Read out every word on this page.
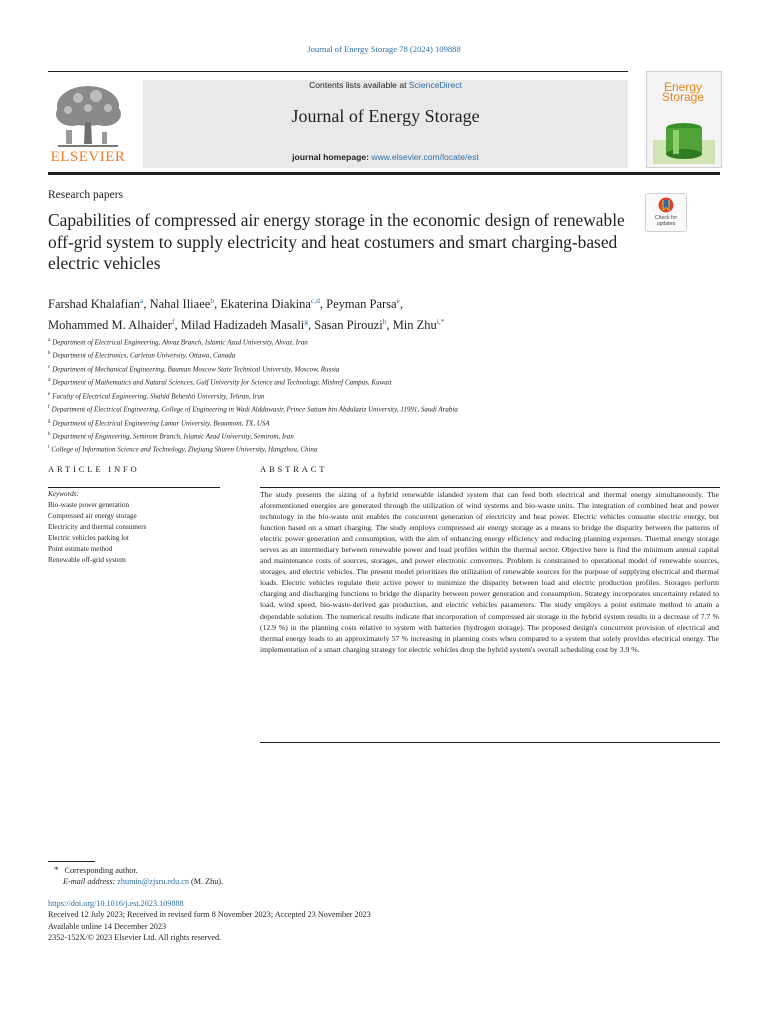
Journal of Energy Storage 78 (2024) 109888
ELSEVIER
Contents lists available at ScienceDirect
Journal of Energy Storage
journal homepage: www.elsevier.com/locate/est
Energy
Storage
Research papers
Capabilities of compressed air energy storage in the economic design of renewable off-grid system to supply electricity and heat costumers and smart charging-based electric vehicles
Check for updates
Farshad Khalafian$^a$, Nahal Iliaee$^b$, Ekaterina Diakina$^{c,d}$, Peyman Parsa$^e$,
Mohammed M. Alhaider$^f$, Milad Hadizadeh Masali$^g$, Sasan Pirouzi$^h$, Min Zhu$^{i,*}$
$^a$ Department of Electrical Engineering, Ahvaz Branch, Islamic Azad University, Ahvaz, Iran
$^b$ Department of Electronics, Carleton University, Ottawa, Canada
$^c$ Department of Mechanical Engineering, Bauman Moscow State Technical University, Moscow, Russia
$^d$ Department of Mathematics and Natural Sciences, Gulf University for Science and Technology, Mishref Campus, Kuwait
$^e$ Faculty of Electrical Engineering, Shahid Beheshti University, Tehran, Iran
$^f$ Department of Electrical Engineering, College of Engineering in Wadi Alddawasir, Prince Sattam bin Abdulaziz University, 11991, Saudi Arabia
$^g$ Department of Electrical Engineering Lamar University, Beaumont, TX, USA
$^h$ Department of Engineering, Semirom Branch, Islamic Azad University, Semirom, Iran
$^i$ College of Information Science and Technology, Zhejiang Shuren University, Hangzhou, China
ARTICLE INFO	ABSTRACT
Keywords:
Bio-waste power generation
Compressed air energy storage
Electricity and thermal consumers
Electric vehicles parking lot
Point estimate method
Renewable off-grid system
The study presents the sizing of a hybrid renewable islanded system that can feed both electrical and thermal energy simultaneously. The aforementioned energies are generated through the utilization of wind systems and bio-waste units. The integration of combined heat and power technology in the bio-waste unit enables the concurrent generation of electricity and heat power. Electric vehicles consume electric energy, but function based on a smart charging. The study employs compressed air energy storage as a means to bridge the disparity between the patterns of electric power generation and consumption, with the aim of enhancing energy efficiency and reducing planning expenses. Thermal energy storage serves as an intermediary between renewable power and load profiles within the thermal sector. Objective here is find the minimum annual capital and maintenance costs of sources, storages, and power electronic converters. Problem is constrained to operational model of renewable sources, storages, and electric vehicles. The present model prioritizes the utilization of renewable sources for the purpose of supplying electrical and thermal loads. Electric vehicles regulate their active power to minimize the disparity between load and electric production profiles. Storages perform charging and discharging functions to bridge the disparity between power generation and consumption. Strategy incorporates uncertainty related to load, wind speed, bio-waste-derived gas production, and electric vehicles parameters. The study employs a point estimate method to attain a dependable solution. The numerical results indicate that incorporation of compressed air storage in the hybrid system results in a decrease of 7.7 % (12.9 %) in the planning costs relative to system with batteries (hydrogen storage). The proposed design's concurrent provision of electrical and thermal energy leads to an approximately 57 % increasing in planning costs when compared to a system that solely provides electrical energy. The implementation of a smart charging strategy for electric vehicles drop the hybrid system's overall scheduling cost by 3.9 %.
* Corresponding author.
E-mail address: zhumin@zjsru.edu.cn (M. Zhu).
https://doi.org/10.1016/j.est.2023.109888
Received 12 July 2023; Received in revised form 8 November 2023; Accepted 23 November 2023
Available online 14 December 2023
2352-152X/© 2023 Elsevier Ltd. All rights reserved.
